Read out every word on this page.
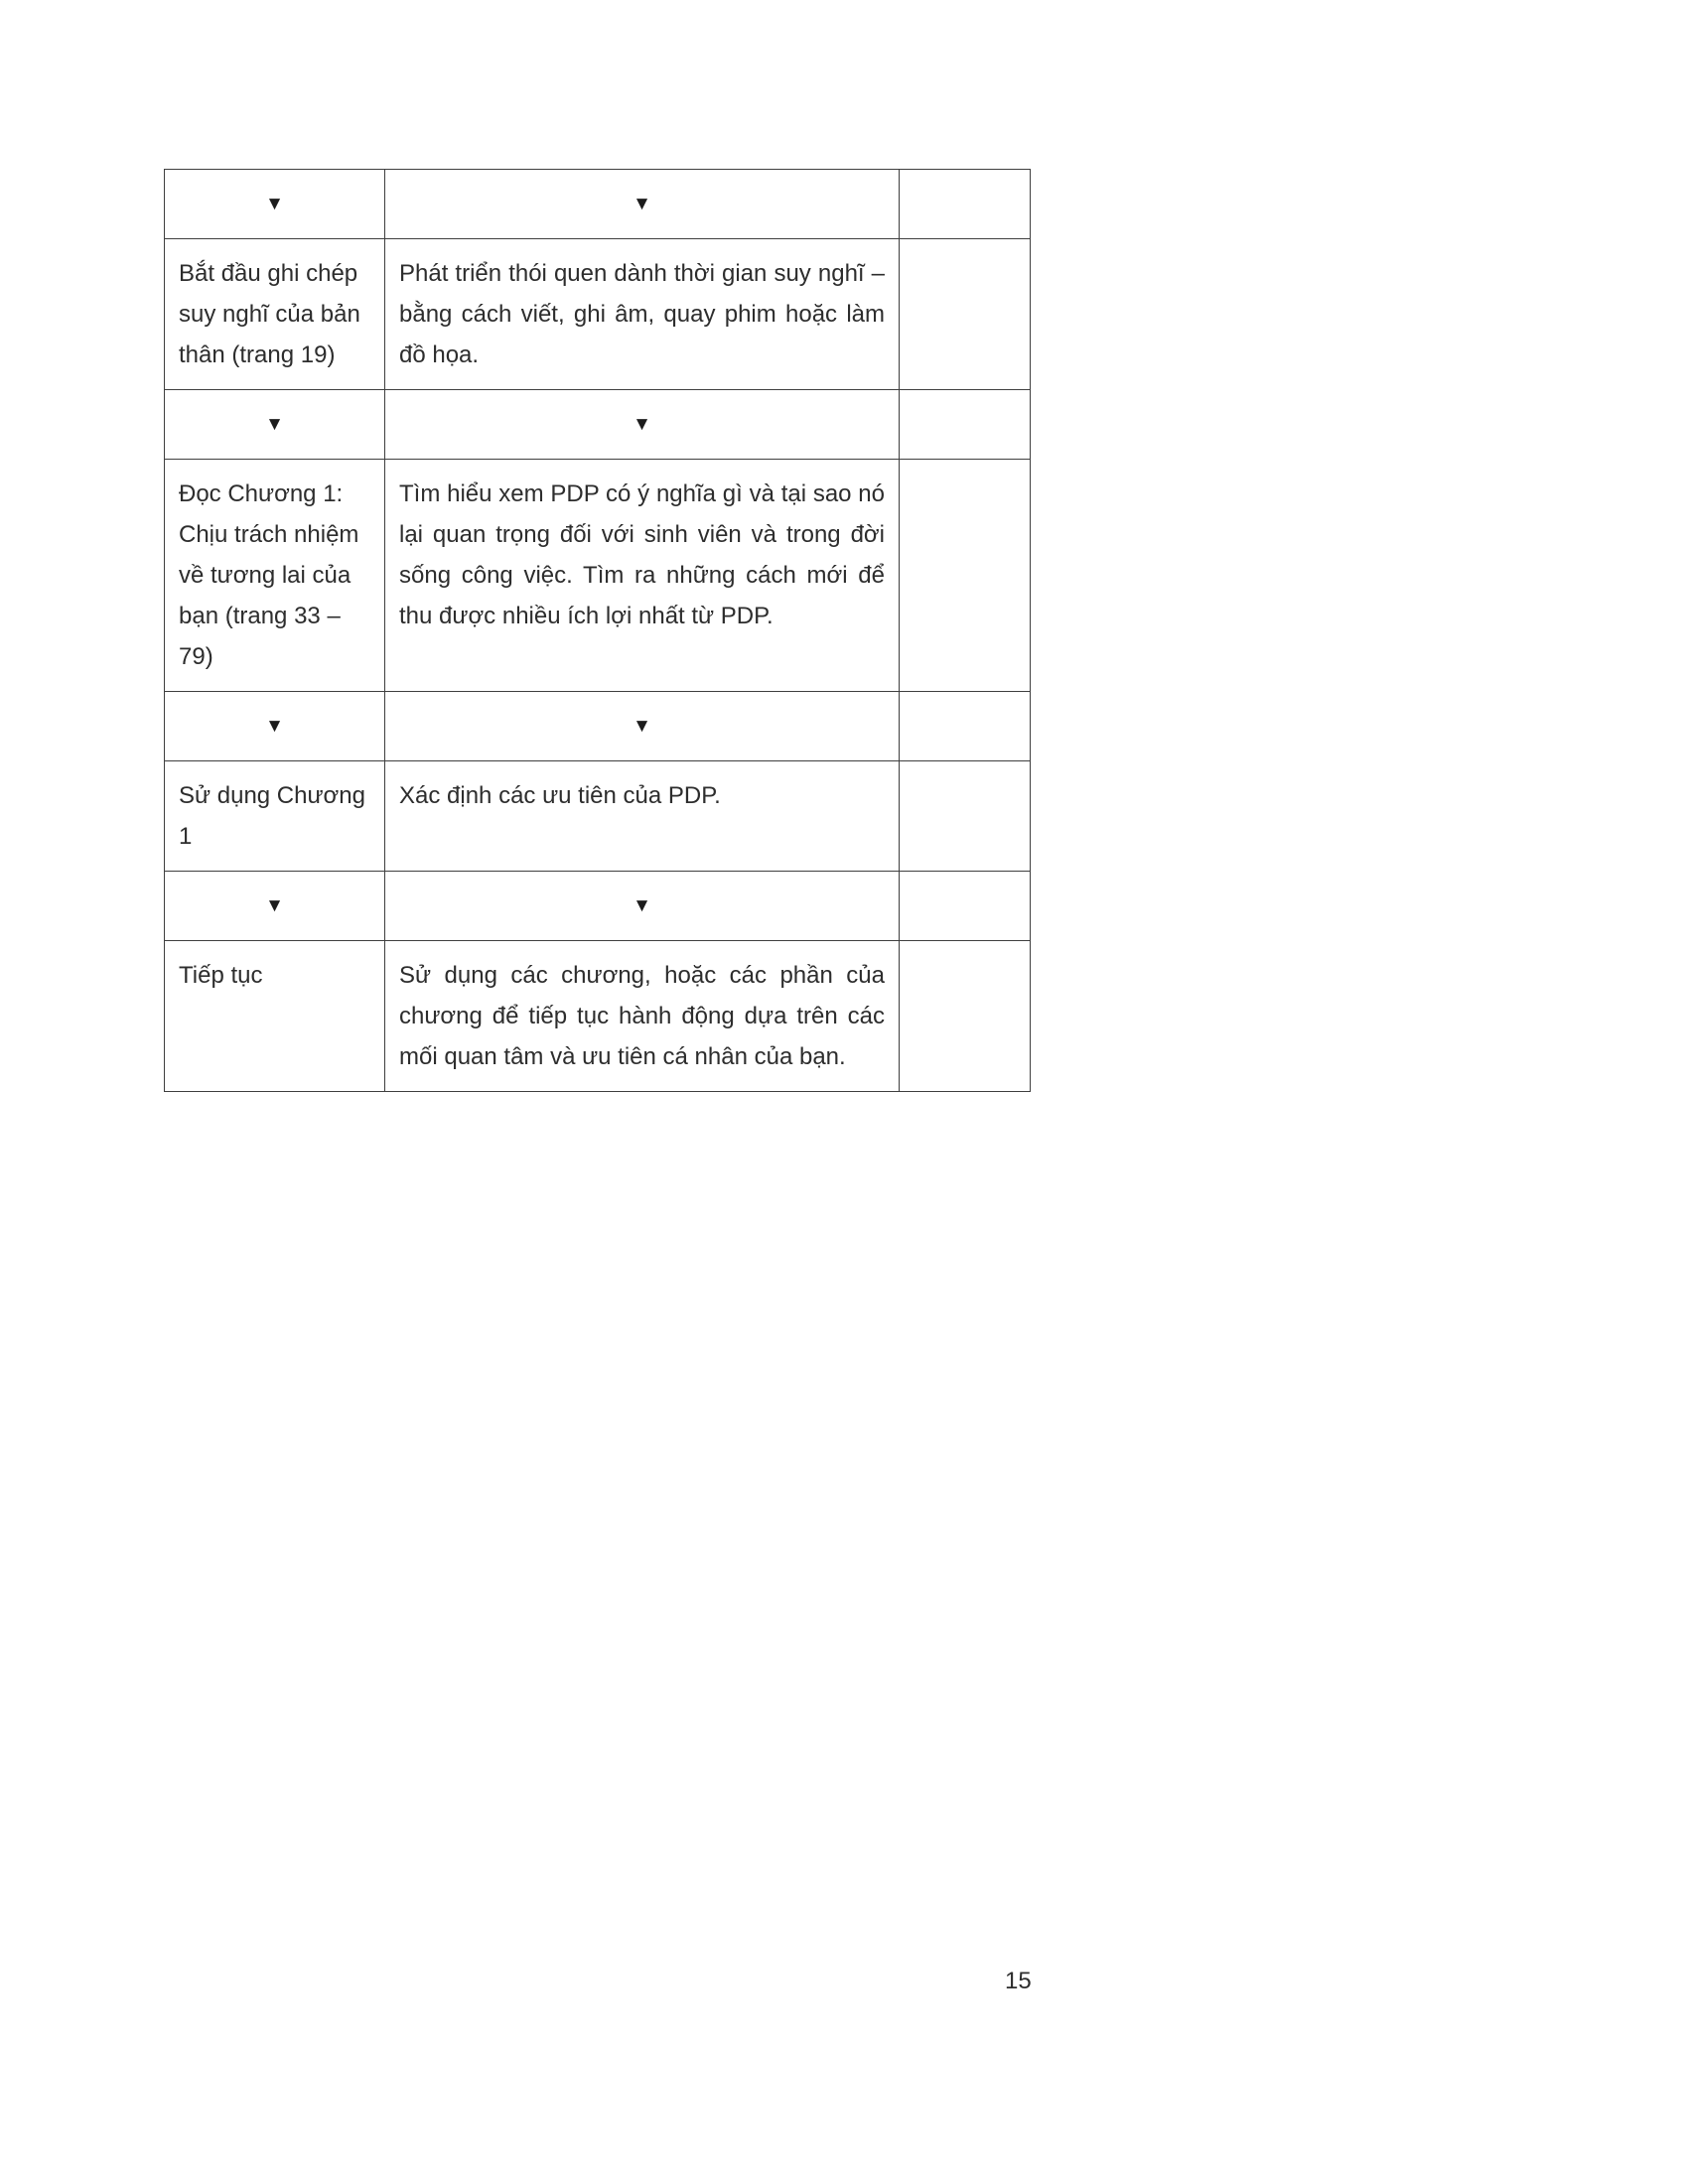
▼	▼	
Bắt đầu ghi chép suy nghĩ của bản thân (trang 19)	Phát triển thói quen dành thời gian suy nghĩ – bằng cách viết, ghi âm, quay phim hoặc làm đồ họa.	
▼	▼	
Đọc Chương 1: Chịu trách nhiệm về tương lai của bạn (trang 33 – 79)	Tìm hiểu xem PDP có ý nghĩa gì và tại sao nó lại quan trọng đối với sinh viên và trong đời sống công việc. Tìm ra những cách mới để thu được nhiều ích lợi nhất từ PDP.	
▼	▼	
Sử dụng Chương 1	Xác định các ưu tiên của PDP.	
▼	▼	
Tiếp tục	Sử dụng các chương, hoặc các phần của chương để tiếp tục hành động dựa trên các mối quan tâm và ưu tiên cá nhân của bạn.	
15
